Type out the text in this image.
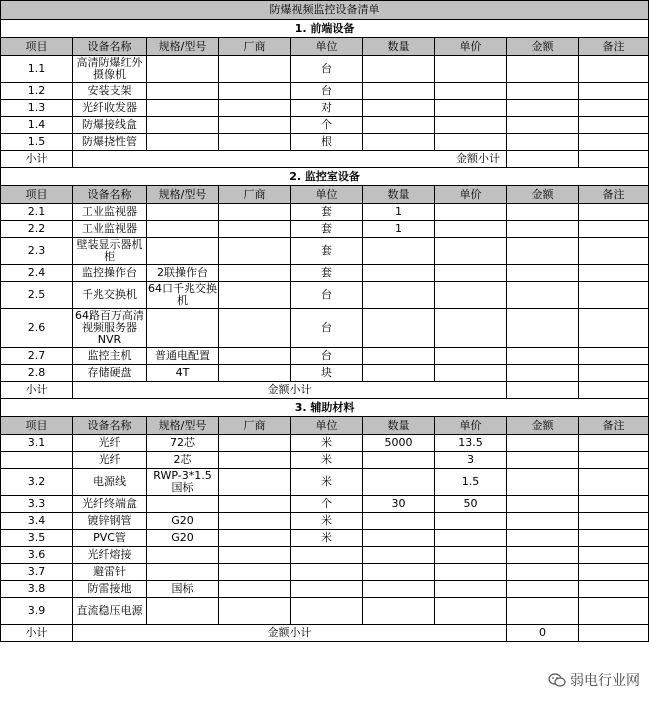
防爆视频监控设备清单								
1. 前端设备								
项目	设备名称	规格/型号	厂商	单位	数量	单价	金额	备注
1.1	高清防爆红外摄像机			台				
1.2	安装支架			台				
1.3	光纤收发器			对				
1.4	防爆接线盒			个				
1.5	防爆挠性管			根				
小计	金额小计							
2. 监控室设备								
项目	设备名称	规格/型号	厂商	单位	数量	单价	金额	备注
2.1	工业监视器			套	1			
2.2	工业监视器			套	1			
2.3	壁装显示器机柜			套				
2.4	监控操作台	2联操作台		套				
2.5	千兆交换机	64口千兆交换机		台				
2.6	64路百万高清视频服务器NVR			台				
2.7	监控主机	普通电配置		台				
2.8	存储硬盘	4T		块				
小计	金额小计							
3. 辅助材料								
项目	设备名称	规格/型号	厂商	单位	数量	单价	金额	备注
3.1	光纤	72芯		米	5000	13.5		
	光纤	2芯		米		3		
3.2	电源线	RWP-3*1.5国标		米		1.5		
3.3	光纤终端盒			个	30	50		
3.4	镀锌钢管	G20		米				
3.5	PVC管	G20		米				
3.6	光纤熔接							
3.7	避雷针							
3.8	防雷接地	国标						
3.9	直流稳压电源							
小计	金额小计						0	
弱电行业网
